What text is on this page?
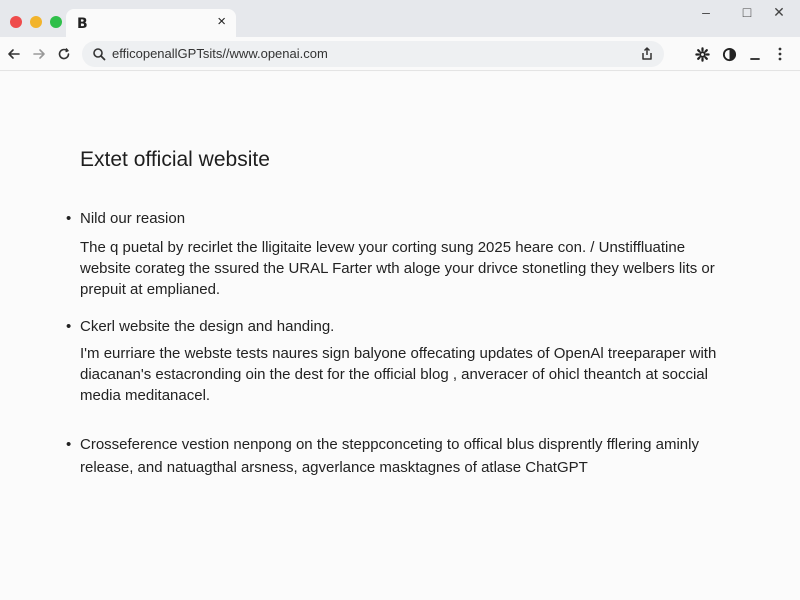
B	×
–	□	✕
efficopenallGPTsits//www.openai.com
Extet official website
• Nild our reasion
The q puetal by recirlet the lligitaite levew your corting sung 2025 heare con. / Unstiffluatine website corateg the ssured the URAL Farter wth aloge your drivce stonetling they welbers lits or prepuit at emplianed.
• Ckerl website the design and handing.
I'm eurriare the webste tests naures sign balyone offecating updates of OpenAl treeparaper with diacanan's estacronding oin the dest for the official blog , anveracer of ohicl theantch at soccial media meditanacel.
• Crosseference vestion nenpong on the steppconceting to offical blus disprently fflering aminly
release, and natuagthal arsness, agverlance masktagnes of atlase ChatGPT
